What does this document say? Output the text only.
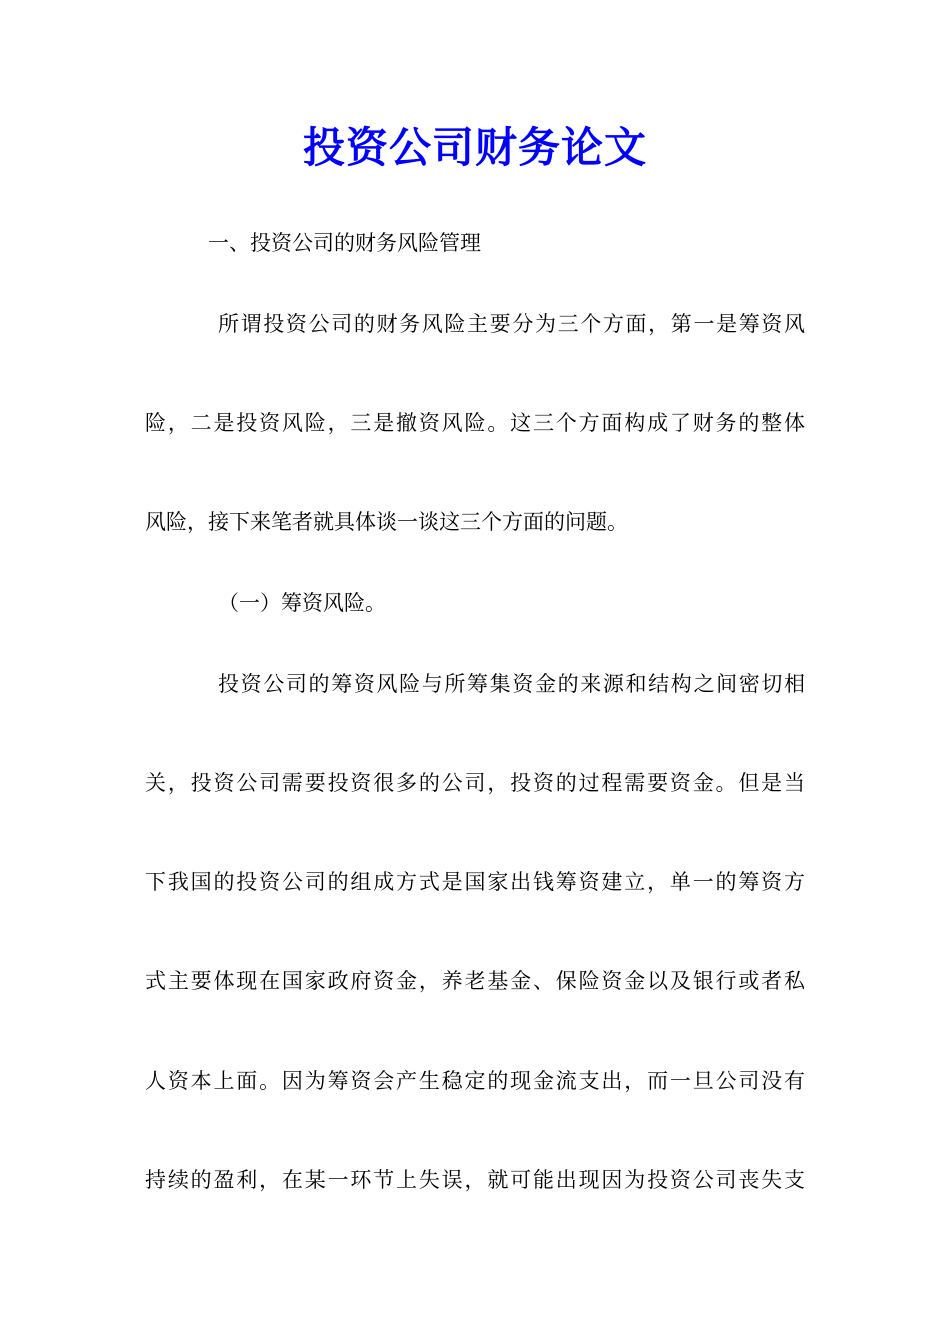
投资公司财务论文
一、投资公司的财务风险管理
所谓投资公司的财务风险主要分为三个方面，第一是筹资风
险，二是投资风险，三是撤资风险。这三个方面构成了财务的整体
风险，接下来笔者就具体谈一谈这三个方面的问题。
（一）筹资风险。
投资公司的筹资风险与所筹集资金的来源和结构之间密切相
关，投资公司需要投资很多的公司，投资的过程需要资金。但是当
下我国的投资公司的组成方式是国家出钱筹资建立，单一的筹资方
式主要体现在国家政府资金，养老基金、保险资金以及银行或者私
人资本上面。因为筹资会产生稳定的现金流支出，而一旦公司没有
持续的盈利，在某一环节上失误，就可能出现因为投资公司丧失支
